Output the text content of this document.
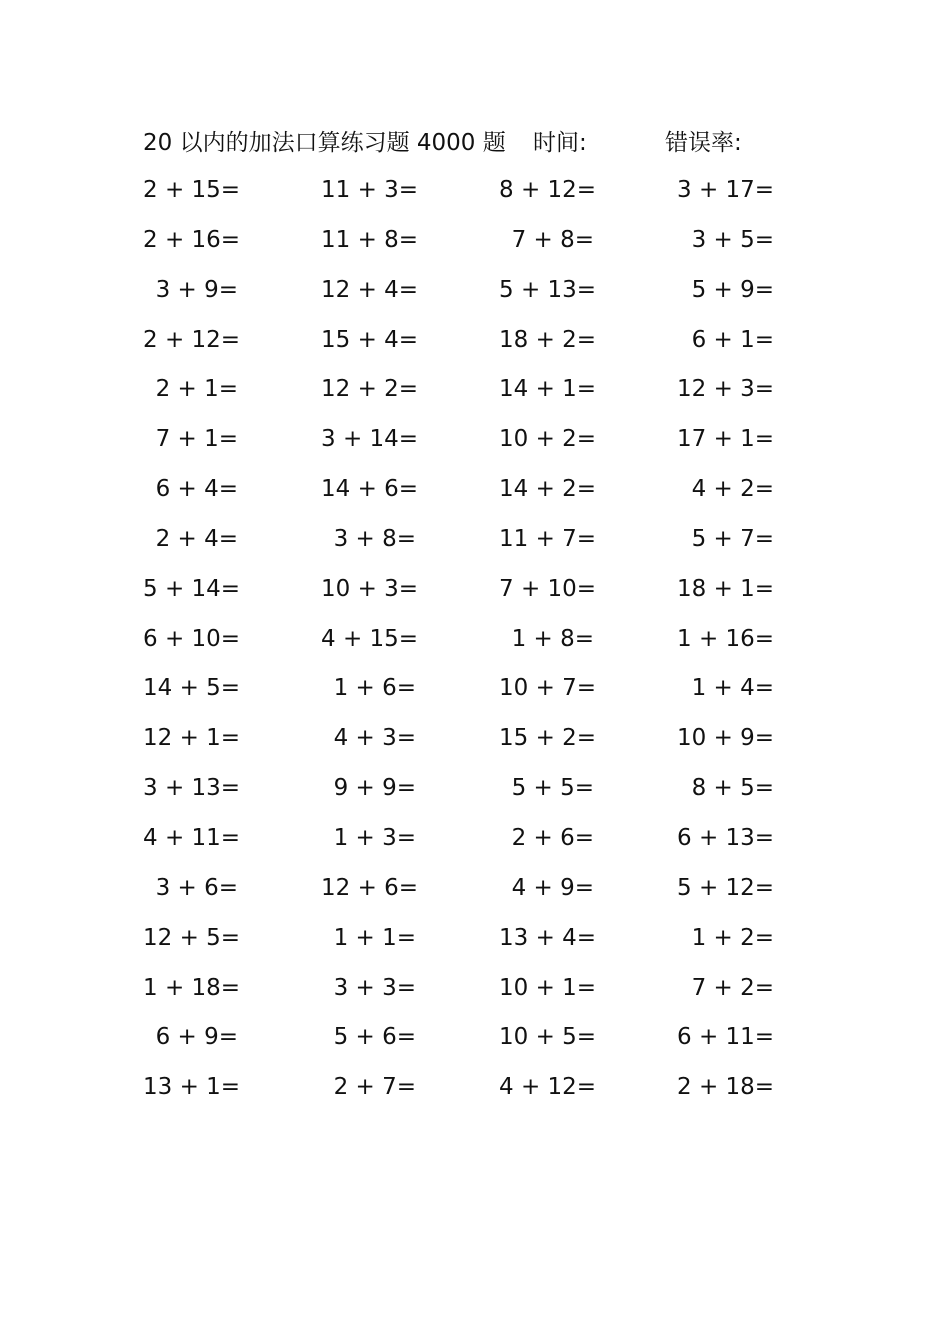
20 以内的加法口算练习题 4000 题 时间:	错误率:
2 + 15=	11 + 3=	8 + 12=	3 + 17=
2 + 16=	11 + 8=	7 + 8=	3 + 5=
3 + 9=	12 + 4=	5 + 13=	5 + 9=
2 + 12=	15 + 4=	18 + 2=	6 + 1=
2 + 1=	12 + 2=	14 + 1=	12 + 3=
7 + 1=	3 + 14=	10 + 2=	17 + 1=
6 + 4=	14 + 6=	14 + 2=	4 + 2=
2 + 4=	3 + 8=	11 + 7=	5 + 7=
5 + 14=	10 + 3=	7 + 10=	18 + 1=
6 + 10=	4 + 15=	1 + 8=	1 + 16=
14 + 5=	1 + 6=	10 + 7=	1 + 4=
12 + 1=	4 + 3=	15 + 2=	10 + 9=
3 + 13=	9 + 9=	5 + 5=	8 + 5=
4 + 11=	1 + 3=	2 + 6=	6 + 13=
3 + 6=	12 + 6=	4 + 9=	5 + 12=
12 + 5=	1 + 1=	13 + 4=	1 + 2=
1 + 18=	3 + 3=	10 + 1=	7 + 2=
6 + 9=	5 + 6=	10 + 5=	6 + 11=
13 + 1=	2 + 7=	4 + 12=	2 + 18=
